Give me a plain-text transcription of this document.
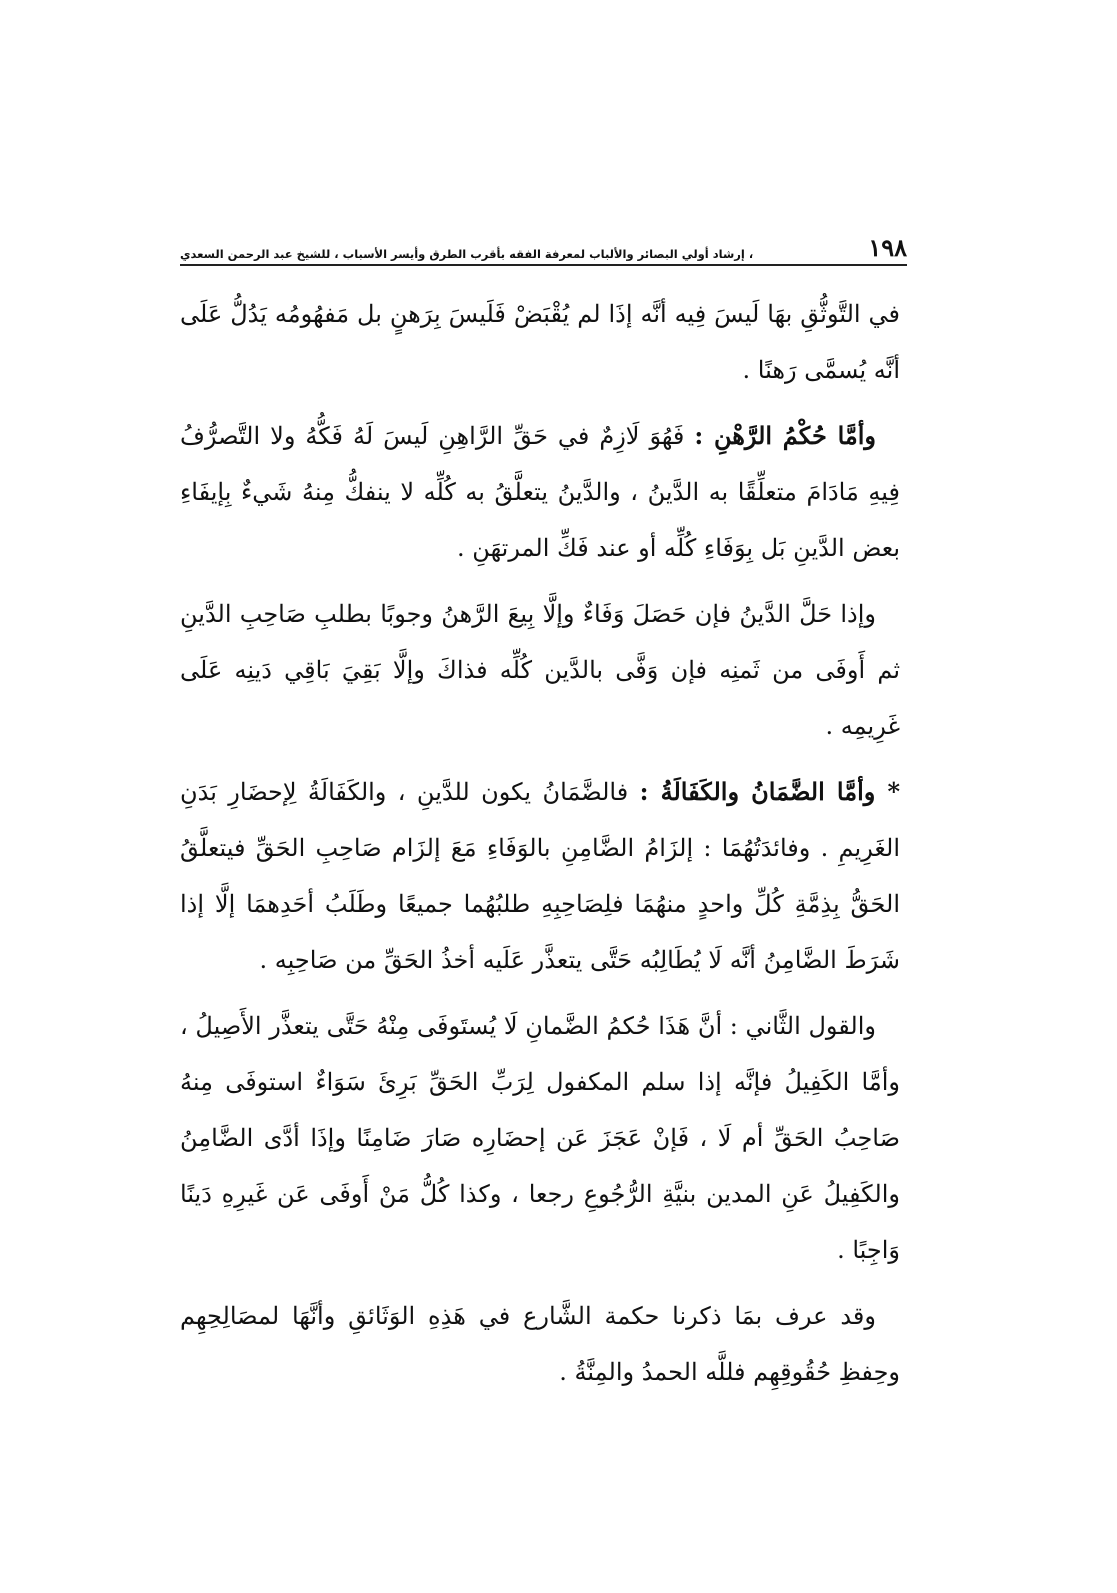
١٩٨
، إرشاد أولي البصائر والألباب لمعرفة الفقه بأقرب الطرق وأيسر الأسباب ، للشيخ عبد الرحمن السعدي

في التَّوثُّقِ بهَا لَيسَ فِيه أنَّه إذَا لم يُقْبَضْ فَلَيسَ بِرَهنٍ بل مَفهُومُه يَدُلُّ عَلَى أنَّه يُسمَّى رَهنًا .

وأمَّا حُكْمُ الرَّهْنِ : فَهُوَ لَازِمٌ في حَقِّ الرَّاهِنِ لَيسَ لَهُ فَكُّهُ ولا التَّصرُّفُ فِيهِ مَادَامَ متعلِّقًا به الدَّينُ ، والدَّينُ يتعلَّقُ به كُلِّه لا ينفكُّ مِنهُ شَيءٌ بِإيفَاءِ بعض الدَّينِ بَل بِوَفَاءِ كُلِّه أو عند فَكِّ المرتهَنِ .

وإذا حَلَّ الدَّينُ فإن حَصَلَ وَفَاءٌ وإلَّا بِيعَ الرَّهنُ وجوبًا بطلبِ صَاحِبِ الدَّينِ ثم أَوفَى من ثَمنِه فإن وَفَّى بالدَّين كُلِّه فذاكَ وإلَّا بَقِيَ بَاقِي دَينِه عَلَى غَرِيمِه .

* وأمَّا الضَّمَانُ والكَفَالَةُ : فالضَّمَانُ يكون للدَّينِ ، والكَفَالَةُ لِإحضَارِ بَدَنِ الغَرِيمِ . وفائدَتُهُمَا : إلزَامُ الضَّامِنِ بالوَفَاءِ مَعَ إلزَام صَاحِبِ الحَقِّ فيتعلَّقُ الحَقُّ بِذِمَّةِ كُلِّ واحدٍ منهُمَا فلِصَاحِبِهِ طلبُهُما جميعًا وطَلَبُ أحَدِهمَا إلَّا إذا شَرَطَ الضَّامِنُ أنَّه لَا يُطَالِبُه حَتَّى يتعذَّر عَلَيه أخذُ الحَقِّ من صَاحِبِه .

والقول الثَّاني : أنَّ هَذَا حُكمُ الضَّمانِ لَا يُستَوفَى مِنْهُ حَتَّى يتعذَّر الأَصِيلُ ، وأمَّا الكَفِيلُ فإنَّه إذا سلم المكفول لِرَبِّ الحَقِّ بَرِئَ سَوَاءٌ استوفَى مِنهُ صَاحِبُ الحَقِّ أم لَا ، فَإنْ عَجَزَ عَن إحضَارِه صَارَ ضَامِنًا وإذَا أدَّى الضَّامِنُ والكَفِيلُ عَنِ المدين بنيَّةِ الرُّجُوعِ رجعا ، وكذا كُلُّ مَنْ أَوفَى عَن غَيرِهِ دَينًا وَاجِبًا .

وقد عرف بمَا ذكرنا حكمة الشَّارع في هَذِهِ الوَثَائقِ وأنَّهَا لمصَالِحِهِم وحِفظِ حُقُوقِهِم فللَّه الحمدُ والمِنَّةُ .
